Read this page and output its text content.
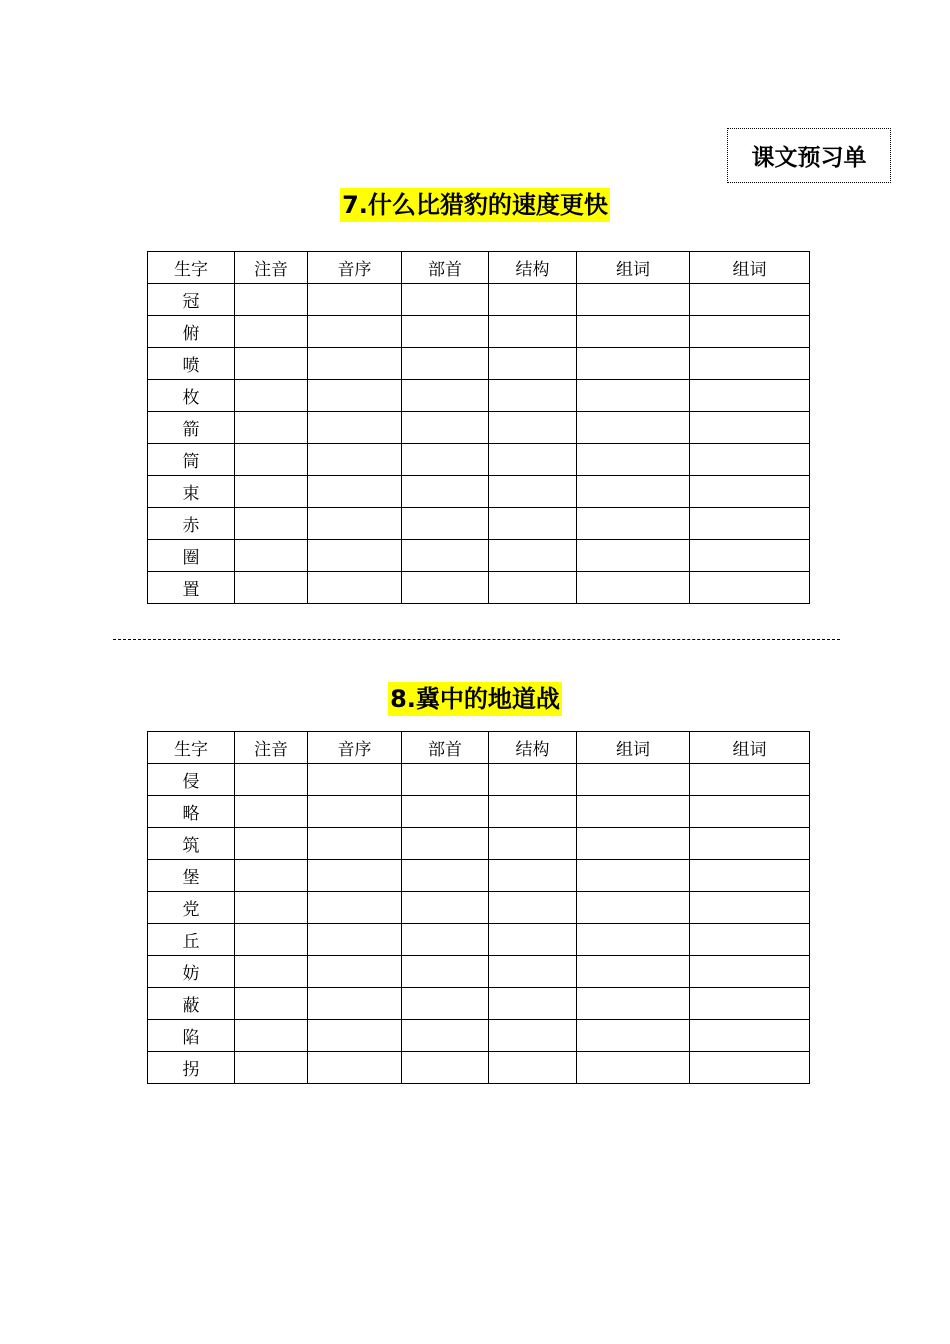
课文预习单
7.什么比猎豹的速度更快
生字	注音	音序	部首	结构	组词	组词
冠						
俯						
喷						
枚						
箭						
筒						
束						
赤						
圈						
置						
8.冀中的地道战
生字	注音	音序	部首	结构	组词	组词
侵						
略						
筑						
堡						
党						
丘						
妨						
蔽						
陷						
拐						
